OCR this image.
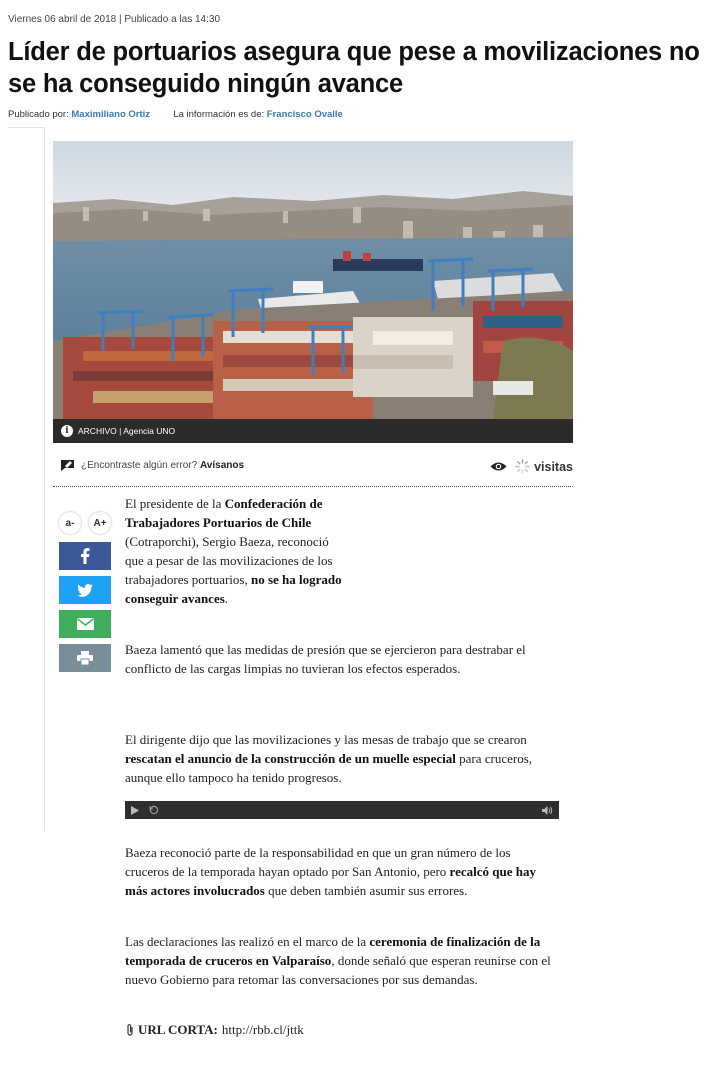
Viernes 06 abril de 2018 | Publicado a las 14:30
Líder de portuarios asegura que pese a movilizaciones no se ha conseguido ningún avance
Publicado por: Maximiliano Ortiz La información es de: Francisco Ovalle
i	ARCHIVO | Agencia UNO
¿Encontraste algún error?
Avísanos	visitas
a-	A+
El presidente de la Confederación de Trabajadores Portuarios de Chile (Cotraporchi), Sergio Baeza, reconoció que a pesar de las movilizaciones de los trabajadores portuarios, no se ha logrado conseguir avances.
Baeza lamentó que las medidas de presión que se ejercieron para destrabar el conflicto de las cargas limpias no tuvieran los efectos esperados.
El dirigente dijo que las movilizaciones y las mesas de trabajo que se crearon rescatan el anuncio de la construcción de un muelle especial para cruceros, aunque ello tampoco ha tenido progresos.
Baeza reconoció parte de la responsabilidad en que un gran número de los cruceros de la temporada hayan optado por San Antonio, pero recalcó que hay más actores involucrados que deben también asumir sus errores.
Las declaraciones las realizó en el marco de la ceremonia de finalización de la temporada de cruceros en Valparaíso, donde señaló que esperan reunirse con el nuevo Gobierno para retomar las conversaciones por sus demandas.
URL CORTA: http://rbb.cl/jttk
